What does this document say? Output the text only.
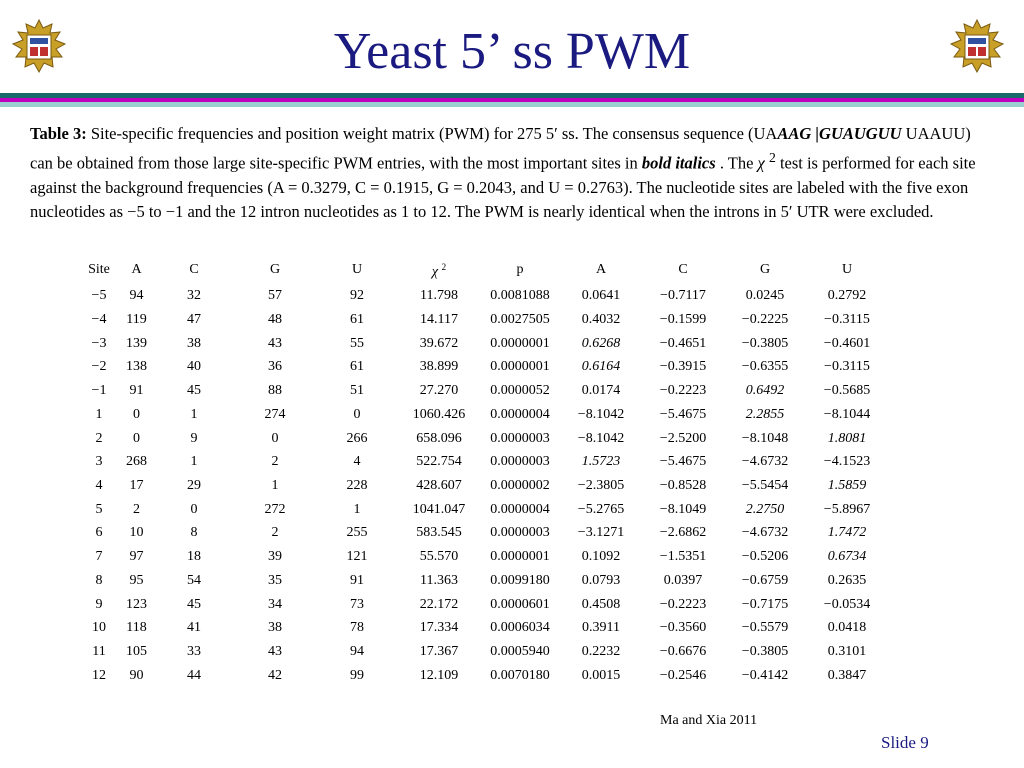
Yeast 5’ ss PWM
Table 3: Site-specific frequencies and position weight matrix (PWM) for 275 5′ ss. The consensus sequence (UAAAG |GUAUGUU UAAUU) can be obtained from those large site-specific PWM entries, with the most important sites in bold italics . The χ $^2$ test is performed for each site against the background frequencies (A = 0.3279, C = 0.1915, G = 0.2043, and U = 0.2763). The nucleotide sites are labeled with the five exon nucleotides as −5 to −1 and the 12 intron nucleotides as 1 to 12. The PWM is nearly identical when the introns in 5′ UTR were excluded.
Site	A	C	G	U	χ $^2$	p	A	C	G	U
−5	94	32	57	92	11.798	0.0081088	0.0641	−0.7117	0.0245	0.2792
−4	119	47	48	61	14.117	0.0027505	0.4032	−0.1599	−0.2225	−0.3115
−3	139	38	43	55	39.672	0.0000001	0.6268	−0.4651	−0.3805	−0.4601
−2	138	40	36	61	38.899	0.0000001	0.6164	−0.3915	−0.6355	−0.3115
−1	91	45	88	51	27.270	0.0000052	0.0174	−0.2223	0.6492	−0.5685
1	0	1	274	0	1060.426	0.0000004	−8.1042	−5.4675	2.2855	−8.1044
2	0	9	0	266	658.096	0.0000003	−8.1042	−2.5200	−8.1048	1.8081
3	268	1	2	4	522.754	0.0000003	1.5723	−5.4675	−4.6732	−4.1523
4	17	29	1	228	428.607	0.0000002	−2.3805	−0.8528	−5.5454	1.5859
5	2	0	272	1	1041.047	0.0000004	−5.2765	−8.1049	2.2750	−5.8967
6	10	8	2	255	583.545	0.0000003	−3.1271	−2.6862	−4.6732	1.7472
7	97	18	39	121	55.570	0.0000001	0.1092	−1.5351	−0.5206	0.6734
8	95	54	35	91	11.363	0.0099180	0.0793	0.0397	−0.6759	0.2635
9	123	45	34	73	22.172	0.0000601	0.4508	−0.2223	−0.7175	−0.0534
10	118	41	38	78	17.334	0.0006034	0.3911	−0.3560	−0.5579	0.0418
11	105	33	43	94	17.367	0.0005940	0.2232	−0.6676	−0.3805	0.3101
12	90	44	42	99	12.109	0.0070180	0.0015	−0.2546	−0.4142	0.3847
Ma and Xia 2011
Slide 9
